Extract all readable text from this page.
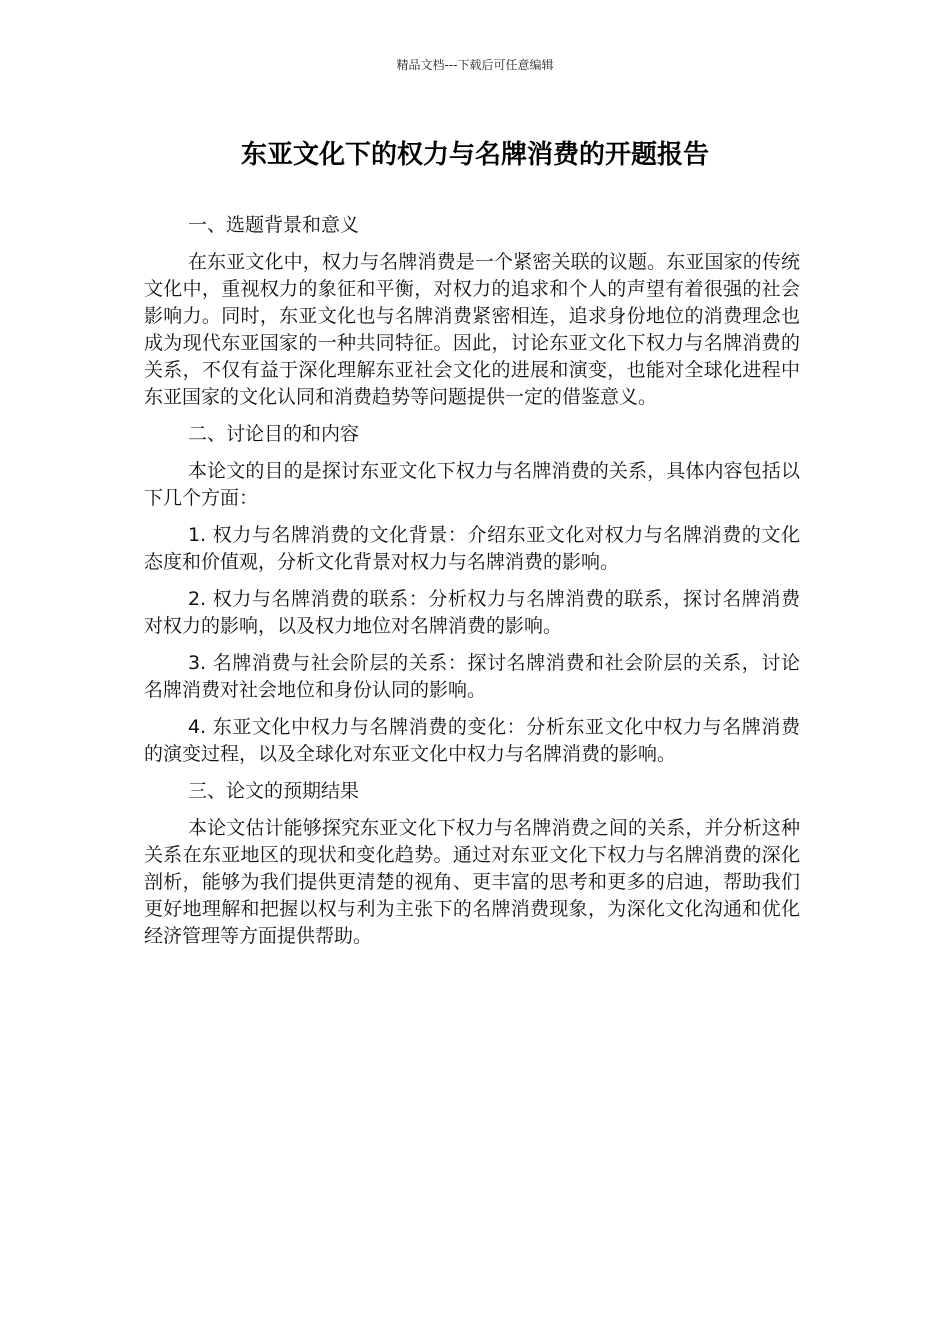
精品文档---下载后可任意编辑
东亚文化下的权力与名牌消费的开题报告

一、选题背景和意义

在东亚文化中，权力与名牌消费是一个紧密关联的议题。东亚国家的传统文化中，重视权力的象征和平衡，对权力的追求和个人的声望有着很强的社会影响力。同时，东亚文化也与名牌消费紧密相连，追求身份地位的消费理念也成为现代东亚国家的一种共同特征。因此，讨论东亚文化下权力与名牌消费的关系，不仅有益于深化理解东亚社会文化的进展和演变，也能对全球化进程中东亚国家的文化认同和消费趋势等问题提供一定的借鉴意义。

二、讨论目的和内容

本论文的目的是探讨东亚文化下权力与名牌消费的关系，具体内容包括以下几个方面：

1. 权力与名牌消费的文化背景：介绍东亚文化对权力与名牌消费的文化态度和价值观，分析文化背景对权力与名牌消费的影响。

2. 权力与名牌消费的联系：分析权力与名牌消费的联系，探讨名牌消费对权力的影响，以及权力地位对名牌消费的影响。

3. 名牌消费与社会阶层的关系：探讨名牌消费和社会阶层的关系，讨论名牌消费对社会地位和身份认同的影响。

4. 东亚文化中权力与名牌消费的变化：分析东亚文化中权力与名牌消费的演变过程，以及全球化对东亚文化中权力与名牌消费的影响。

三、论文的预期结果

本论文估计能够探究东亚文化下权力与名牌消费之间的关系，并分析这种关系在东亚地区的现状和变化趋势。通过对东亚文化下权力与名牌消费的深化剖析，能够为我们提供更清楚的视角、更丰富的思考和更多的启迪，帮助我们更好地理解和把握以权与利为主张下的名牌消费现象，为深化文化沟通和优化经济管理等方面提供帮助。
